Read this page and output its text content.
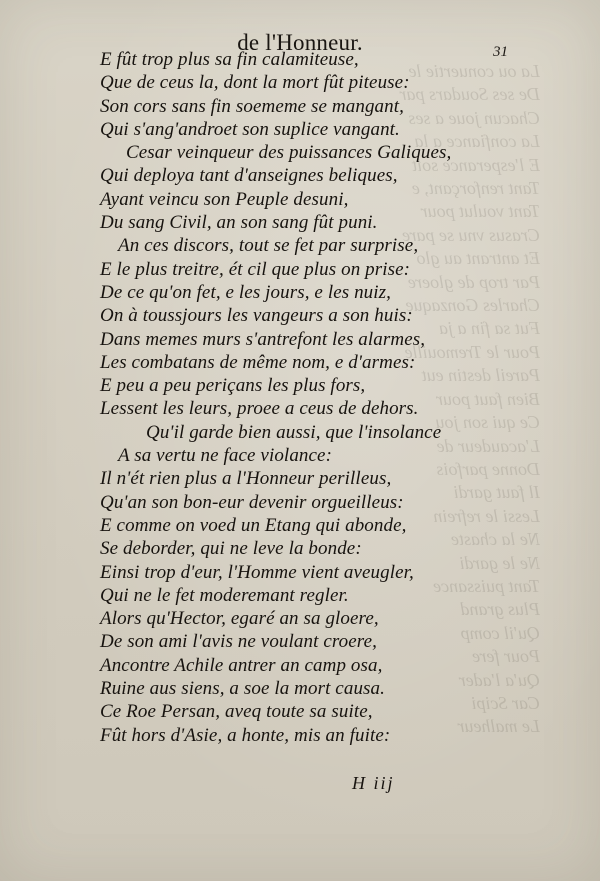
La ou conuertie le
De ses Soudars par
Chacun joue a ses
La confiance a la
E l'esperance soit
Tant renforçant, e
Tant voulut pour
Crasus vnu se pare
Et antrant au glo
Par trop de gloere
Charles Gonzaque
Fut sa fin a ja
Pour le Tremouille
Pareil destin eut
Bien faut pour
Ce qui son jou
L'acaudeur de
Donne parfois
Il faut gardi
Lessi le refrein
Ne la chaste
Ne le gardi
Tant puissance
Plus grand
Qu'il comp
Pour fere
Qu'a l'ader
Car Scipi
Le malheur
de l'Honneur.	31
E fût trop plus sa fin calamiteuse,
Que de ceus la, dont la mort fût piteuse:
Son cors sans fin soememe se mangant,
Qui s'ang'androet son suplice vangant.
Cesar veinqueur des puissances Galiques,
Qui deploya tant d'anseignes beliques,
Ayant veincu son Peuple desuni,
Du sang Civil, an son sang fût puni.
An ces discors, tout se fet par surprise,
E le plus treitre, ét cil que plus on prise:
De ce qu'on fet, e les jours, e les nuiz,
On à toussjours les vangeurs a son huis:
Dans memes murs s'antrefont les alarmes,
Les combatans de même nom, e d'armes:
E peu a peu periçans les plus fors,
Lessent les leurs, proee a ceus de dehors.
Qu'il garde bien aussi, que l'insolance
A sa vertu ne face violance:
Il n'ét rien plus a l'Honneur perilleus,
Qu'an son bon-eur devenir orgueilleus:
E comme on voed un Etang qui abonde,
Se deborder, qui ne leve la bonde:
Einsi trop d'eur, l'Homme vient aveugler,
Qui ne le fet moderemant regler.
Alors qu'Hector, egaré an sa gloere,
De son ami l'avis ne voulant croere,
Ancontre Achile antrer an camp osa,
Ruine aus siens, a soe la mort causa.
Ce Roe Persan, aveq toute sa suite,
Fût hors d'Asie, a honte, mis an fuite:
H iij
